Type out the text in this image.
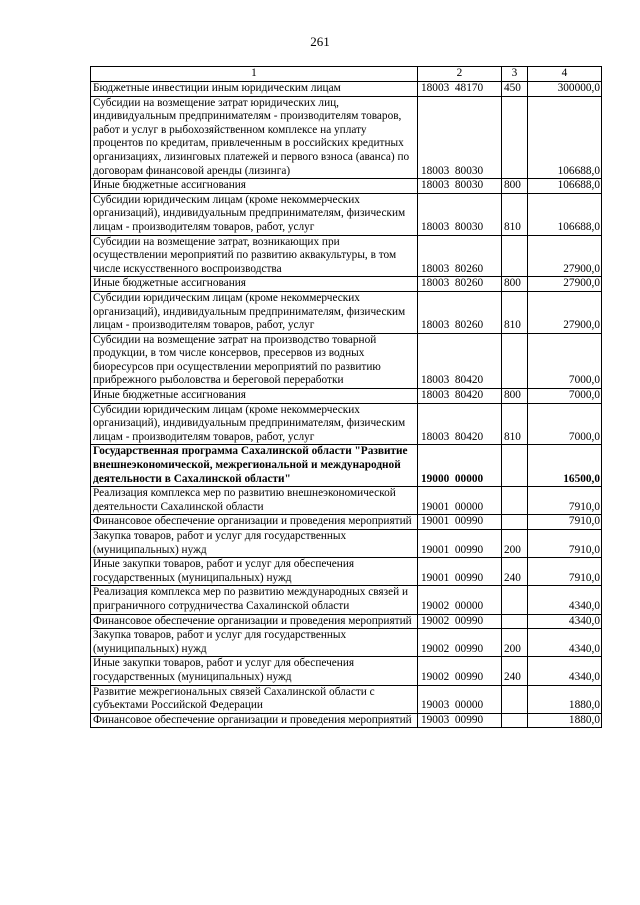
261
1	2	3	4
Бюджетные инвестиции иным юридическим лицам	18003  48170	450	300000,0
Субсидии на возмещение затрат юридических лиц, индивидуальным предпринимателям - производителям товаров, работ и услуг в рыбохозяйственном комплексе на уплату процентов по кредитам, привлеченным в российских кредитных организациях, лизинговых платежей и первого взноса (аванса) по договорам финансовой аренды (лизинга)	18003  80030		106688,0
Иные бюджетные ассигнования	18003  80030	800	106688,0
Субсидии юридическим лицам (кроме некоммерческих организаций), индивидуальным предпринимателям, физическим лицам - производителям товаров, работ, услуг	18003  80030	810	106688,0
Субсидии на возмещение затрат, возникающих при осуществлении мероприятий по развитию аквакультуры, в том числе искусственного воспроизводства	18003  80260		27900,0
Иные бюджетные ассигнования	18003  80260	800	27900,0
Субсидии юридическим лицам (кроме некоммерческих организаций), индивидуальным предпринимателям, физическим лицам - производителям товаров, работ, услуг	18003  80260	810	27900,0
Субсидии на возмещение затрат на производство товарной продукции, в том числе консервов, пресервов из водных биоресурсов при осуществлении мероприятий по развитию прибрежного рыболовства и береговой переработки	18003  80420		7000,0
Иные бюджетные ассигнования	18003  80420	800	7000,0
Субсидии юридическим лицам (кроме некоммерческих организаций), индивидуальным предпринимателям, физическим лицам - производителям товаров, работ, услуг	18003  80420	810	7000,0
Государственная программа Сахалинской области "Развитие внешнеэкономической, межрегиональной и международной деятельности в Сахалинской области"	19000  00000		16500,0
Реализация комплекса мер по развитию внешнеэкономической деятельности Сахалинской области	19001  00000		7910,0
Финансовое обеспечение организации и проведения мероприятий	19001  00990		7910,0
Закупка товаров, работ и услуг для государственных (муниципальных) нужд	19001  00990	200	7910,0
Иные закупки товаров, работ и услуг для обеспечения государственных (муниципальных) нужд	19001  00990	240	7910,0
Реализация комплекса мер по развитию международных связей и приграничного сотрудничества Сахалинской области	19002  00000		4340,0
Финансовое обеспечение организации и проведения мероприятий	19002  00990		4340,0
Закупка товаров, работ и услуг для государственных (муниципальных) нужд	19002  00990	200	4340,0
Иные закупки товаров, работ и услуг для обеспечения государственных (муниципальных) нужд	19002  00990	240	4340,0
Развитие межрегиональных связей Сахалинской области с субъектами Российской Федерации	19003  00000		1880,0
Финансовое обеспечение организации и проведения мероприятий	19003  00990		1880,0
